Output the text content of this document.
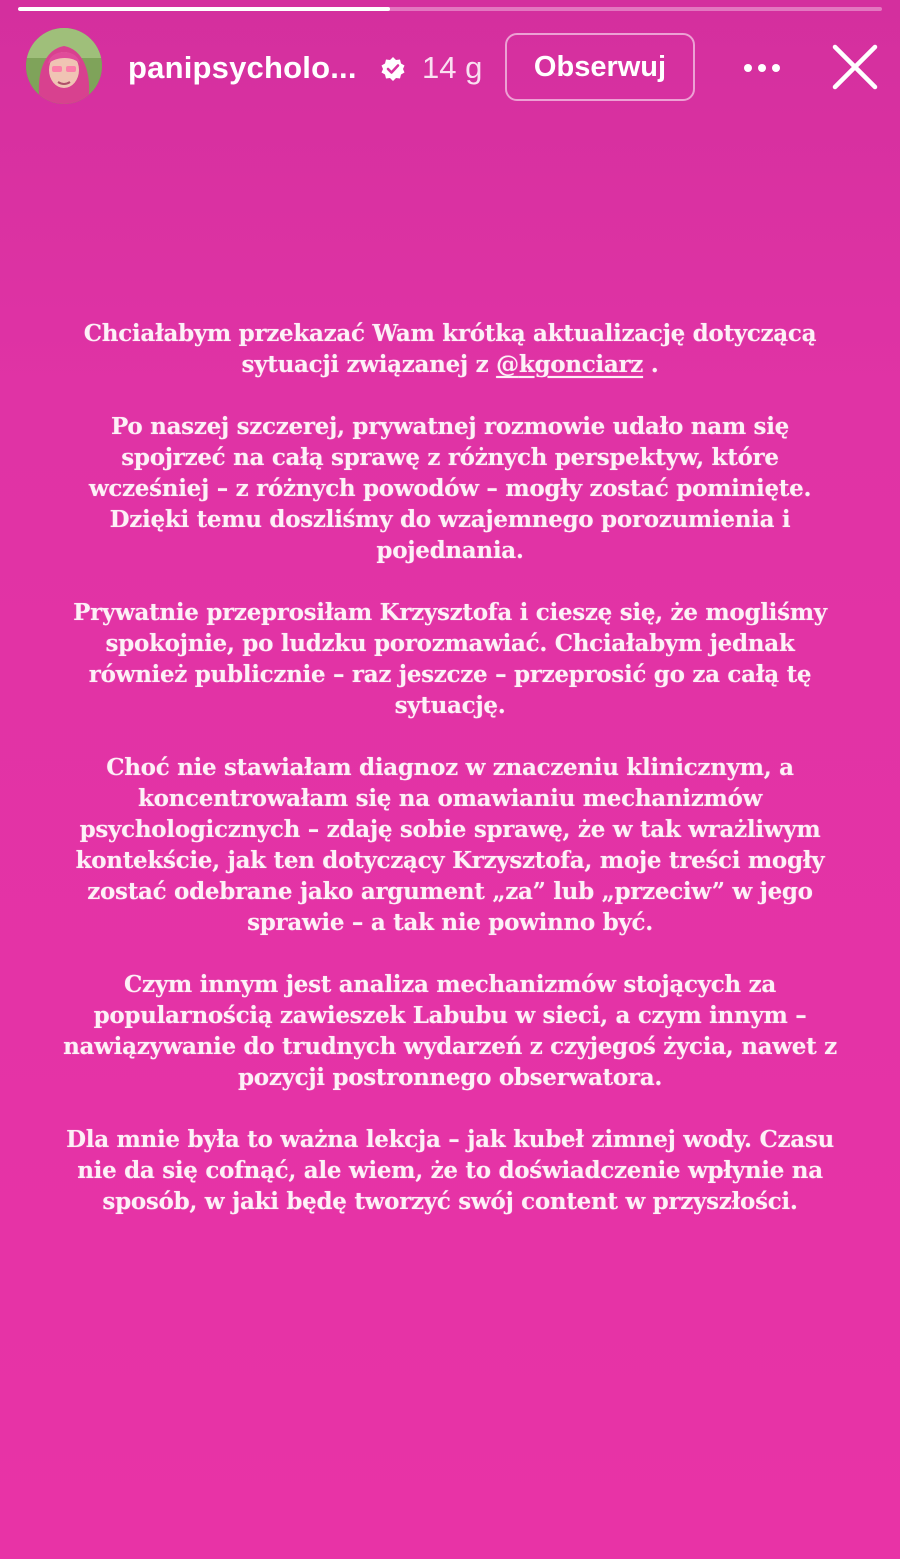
panipsycholo... 14 g	Obserwuj

Chciałabym przekazać Wam krótką aktualizację dotyczącą sytuacji związanej z @kgonciarz .

Po naszej szczerej, prywatnej rozmowie udało nam się spojrzeć na całą sprawę z różnych perspektyw, które wcześniej – z różnych powodów – mogły zostać pominięte. Dzięki temu doszliśmy do wzajemnego porozumienia i pojednania.

Prywatnie przeprosiłam Krzysztofa i cieszę się, że mogliśmy spokojnie, po ludzku porozmawiać. Chciałabym jednak również publicznie – raz jeszcze – przeprosić go za całą tę sytuację.

Choć nie stawiałam diagnoz w znaczeniu klinicznym, a koncentrowałam się na omawianiu mechanizmów psychologicznych – zdaję sobie sprawę, że w tak wrażliwym kontekście, jak ten dotyczący Krzysztofa, moje treści mogły zostać odebrane jako argument „za” lub „przeciw” w jego sprawie – a tak nie powinno być.

Czym innym jest analiza mechanizmów stojących za popularnością zawieszek Labubu w sieci, a czym innym – nawiązywanie do trudnych wydarzeń z czyjegoś życia, nawet z pozycji postronnego obserwatora.

Dla mnie była to ważna lekcja – jak kubeł zimnej wody. Czasu nie da się cofnąć, ale wiem, że to doświadczenie wpłynie na sposób, w jaki będę tworzyć swój content w przyszłości.
